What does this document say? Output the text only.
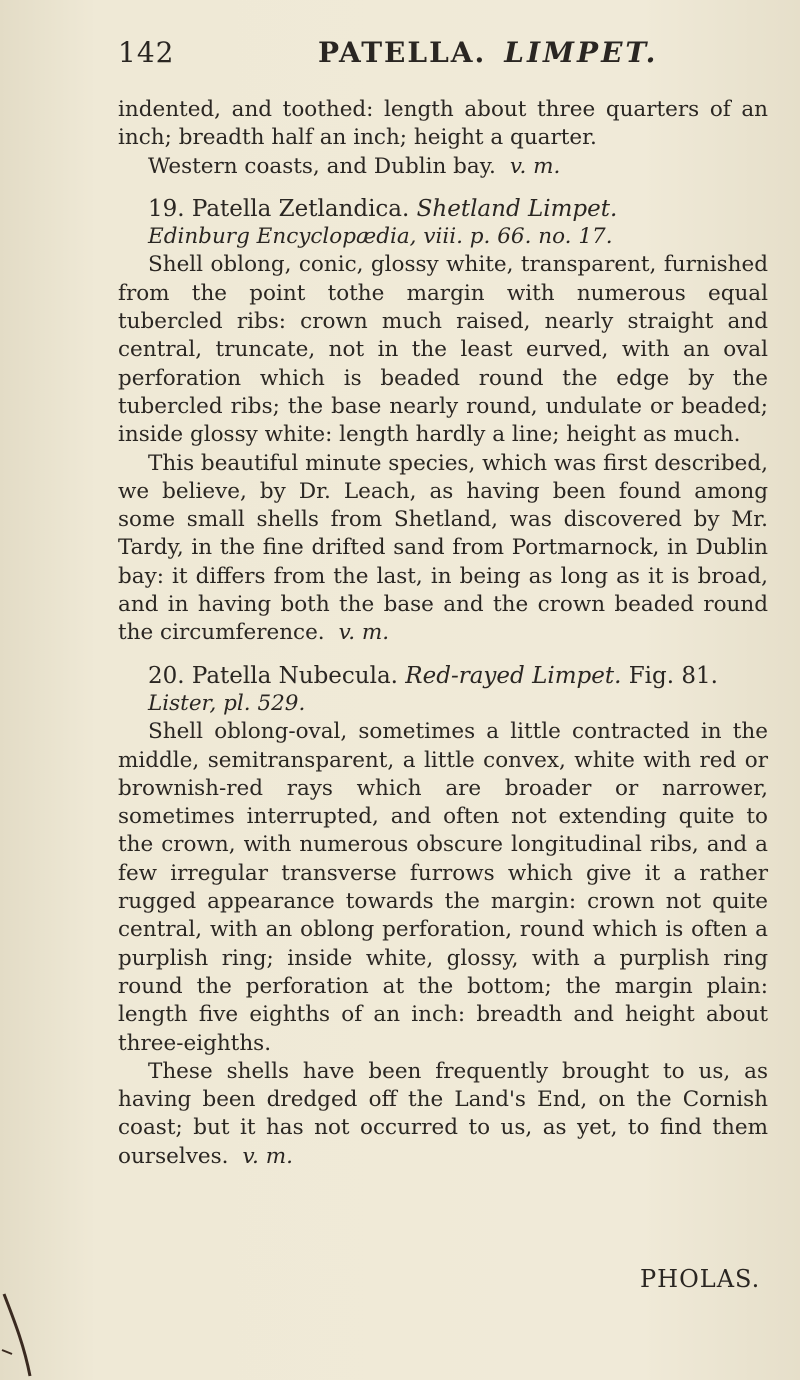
142	PATELLA. LIMPET.

indented, and toothed: length about three quarters of an inch; breadth half an inch; height a quarter.

Western coasts, and Dublin bay. v. m.

19. Patella Zetlandica. Shetland Limpet.

Edinburg Encyclopædia, viii. p. 66. no. 17.

Shell oblong, conic, glossy white, transparent, furnished from the point tothe margin with numerous equal tubercled ribs: crown much raised, nearly straight and central, truncate, not in the least eurved, with an oval perforation which is beaded round the edge by the tubercled ribs; the base nearly round, undulate or beaded; inside glossy white: length hardly a line; height as much.

This beautiful minute species, which was first described, we believe, by Dr. Leach, as having been found among some small shells from Shetland, was discovered by Mr. Tardy, in the fine drifted sand from Portmarnock, in Dublin bay: it differs from the last, in being as long as it is broad, and in having both the base and the crown beaded round the circumference. v. m.

20. Patella Nubecula. Red-rayed Limpet. Fig. 81.

Lister, pl. 529.

Shell oblong-oval, sometimes a little contracted in the middle, semitransparent, a little convex, white with red or brownish-red rays which are broader or narrower, sometimes interrupted, and often not extending quite to the crown, with numerous obscure longitudinal ribs, and a few irregular transverse furrows which give it a rather rugged appearance towards the margin: crown not quite central, with an oblong perforation, round which is often a purplish ring; inside white, glossy, with a purplish ring round the perforation at the bottom; the margin plain: length five eighths of an inch: breadth and height about three-eighths.

These shells have been frequently brought to us, as having been dredged off the Land's End, on the Cornish coast; but it has not occurred to us, as yet, to find them ourselves. v. m.

PHOLAS.
